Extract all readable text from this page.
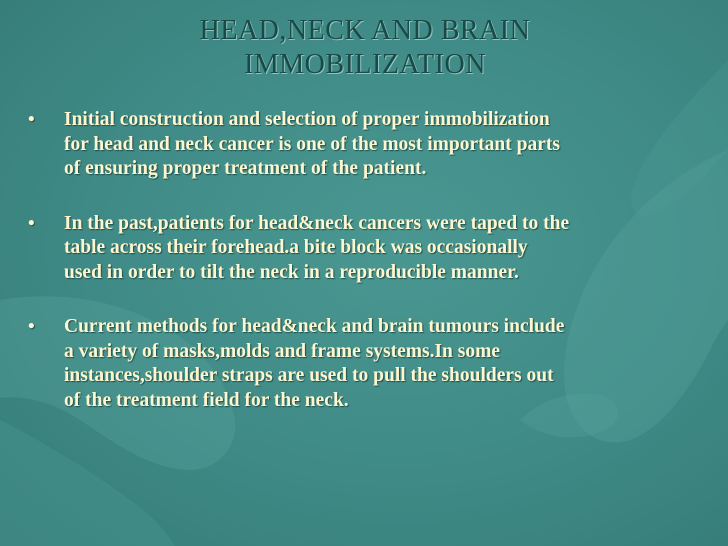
HEAD,NECK AND BRAIN
IMMOBILIZATION
• Initial construction and selection of proper immobilization
for head and neck cancer is one of the most important parts
of ensuring proper treatment of the patient.
• In the past,patients for head&neck cancers were taped to the
table across their forehead.a bite block was occasionally
used in order to tilt the neck in a reproducible manner.
• Current methods for head&neck and brain tumours include
a variety of masks,molds and frame systems.In some
instances,shoulder straps are used to pull the shoulders out
of the treatment field for the neck.
